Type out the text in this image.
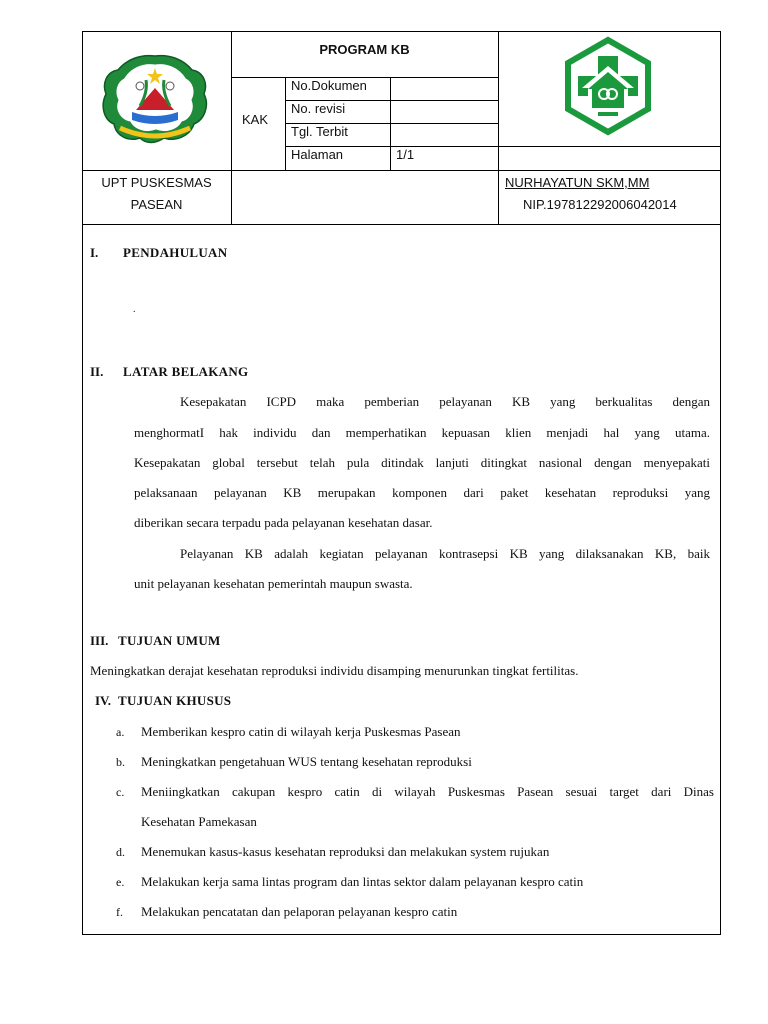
PROGRAM KB
KAK
No.Dokumen
No. revisi
Tgl. Terbit
Halaman	1/1
UPT PUSKESMAS
PASEAN
NURHAYATUN SKM,MM
NIP.197812292006042014
I. PENDAHULUAN
.
II. LATAR BELAKANG
Kesepakatan ICPD maka pemberian pelayanan KB yang berkualitas dengan
menghormatI hak individu dan memperhatikan kepuasan klien menjadi hal yang utama.
Kesepakatan global tersebut telah pula ditindak lanjuti ditingkat nasional dengan menyepakati
pelaksanaan pelayanan KB merupakan komponen dari paket kesehatan reproduksi yang
diberikan secara terpadu pada pelayanan kesehatan dasar.
Pelayanan KB adalah kegiatan pelayanan kontrasepsi KB yang dilaksanakan KB, baik
unit pelayanan kesehatan pemerintah maupun swasta.
III. TUJUAN UMUM
Meningkatkan derajat kesehatan reproduksi individu disamping menurunkan tingkat fertilitas.
IV. TUJUAN KHUSUS
a. Memberikan kespro catin di wilayah kerja Puskesmas Pasean
b. Meningkatkan pengetahuan WUS tentang kesehatan reproduksi
c. Meniingkatkan cakupan kespro catin di wilayah Puskesmas Pasean sesuai target dari Dinas
Kesehatan Pamekasan
d. Menemukan kasus-kasus kesehatan reproduksi dan melakukan system rujukan
e. Melakukan kerja sama lintas program dan lintas sektor dalam pelayanan kespro catin
f. Melakukan pencatatan dan pelaporan pelayanan kespro catin
